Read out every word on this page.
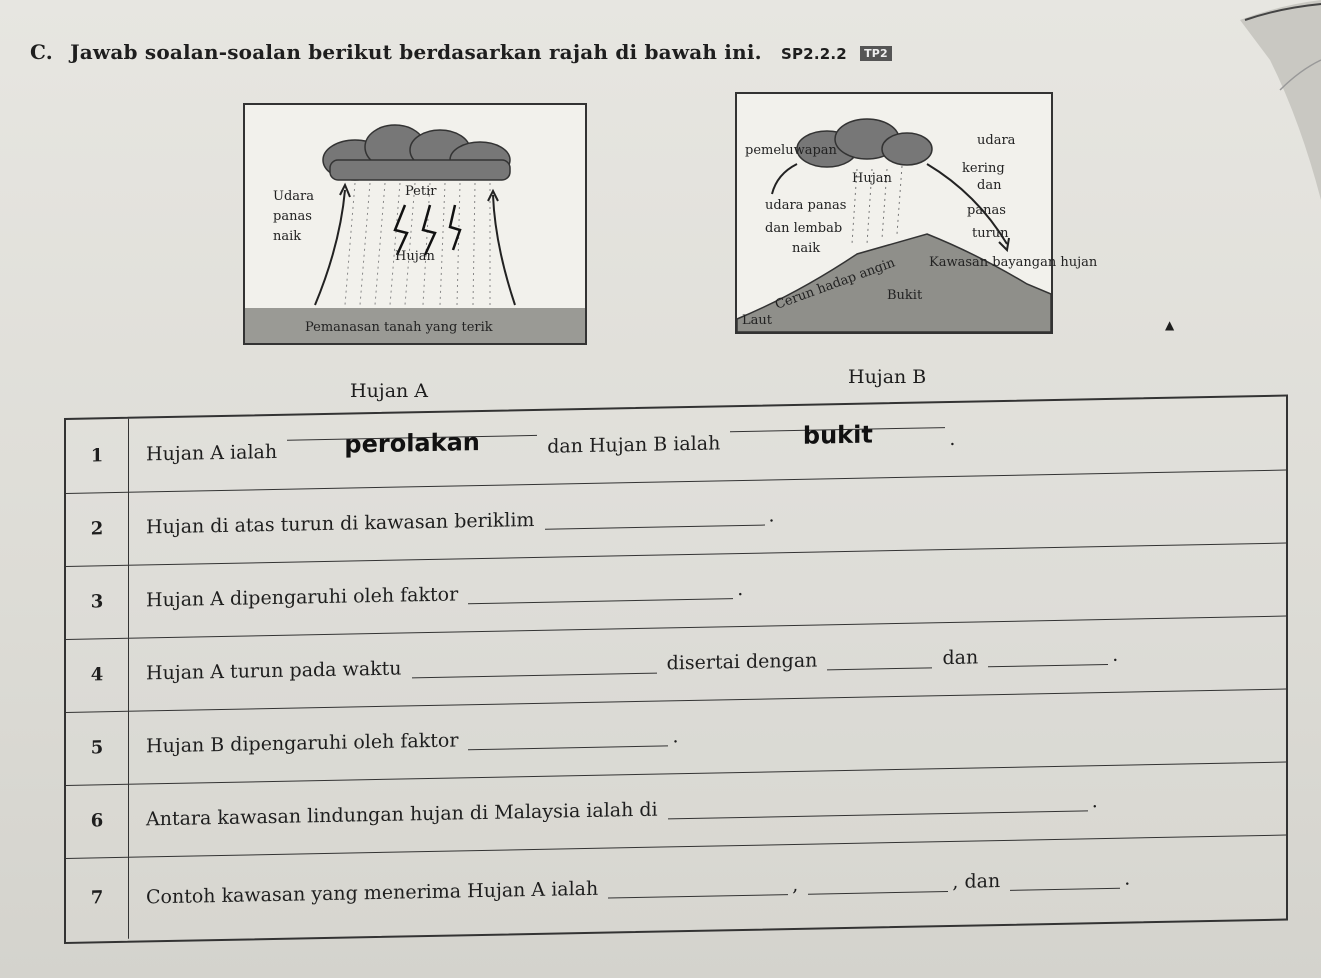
C. Jawab soalan-soalan berikut berdasarkan rajah di bawah ini. SP2.2.2 TP2
Udara
panas
naik
Petir
Hujan
Pemanasan tanah yang terik
pemeluwapan
Hujan
udara
kering
dan
panas
turun
udara panas
dan lembab
naik
Cerun hadap angin Kawasan bayangan hujan
Bukit
Laut
Hujan A
Hujan B
▲
1	Hujan A ialah	perolakan	dan Hujan B ialah	bukit	.
2	Hujan di atas turun di kawasan beriklim	.
3	Hujan A dipengaruhi oleh faktor	.
4	Hujan A turun pada waktu	disertai dengan	dan	.
5	Hujan B dipengaruhi oleh faktor	.
6	Antara kawasan lindungan hujan di Malaysia ialah di	.
7	Contoh kawasan yang menerima Hujan A ialah	,	, dan	.
